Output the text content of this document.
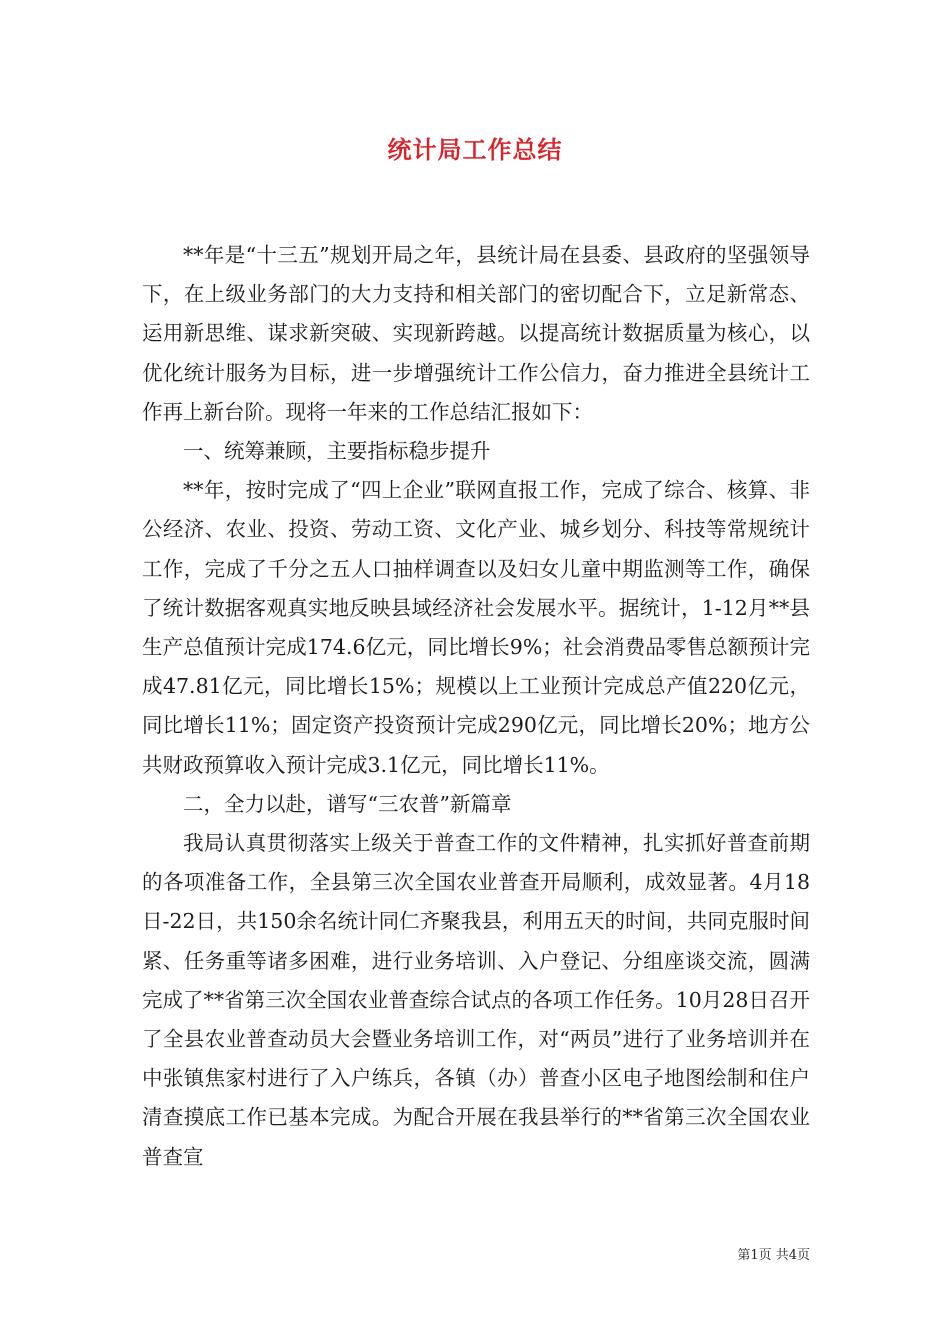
统计局工作总结

**年是“十三五”规划开局之年，县统计局在县委、县政府的坚强领导下，在上级业务部门的大力支持和相关部门的密切配合下，立足新常态、运用新思维、谋求新突破、实现新跨越。以提高统计数据质量为核心，以优化统计服务为目标，进一步增强统计工作公信力，奋力推进全县统计工作再上新台阶。现将一年来的工作总结汇报如下：

一、统筹兼顾，主要指标稳步提升

**年，按时完成了“四上企业”联网直报工作，完成了综合、核算、非公经济、农业、投资、劳动工资、文化产业、城乡划分、科技等常规统计工作，完成了千分之五人口抽样调查以及妇女儿童中期监测等工作，确保了统计数据客观真实地反映县域经济社会发展水平。据统计，1-12月**县生产总值预计完成174.6亿元，同比增长9%；社会消费品零售总额预计完成47.81亿元，同比增长15%；规模以上工业预计完成总产值220亿元，同比增长11%；固定资产投资预计完成290亿元，同比增长20%；地方公共财政预算收入预计完成3.1亿元，同比增长11%。

二，全力以赴，谱写“三农普”新篇章

我局认真贯彻落实上级关于普查工作的文件精神，扎实抓好普查前期的各项准备工作，全县第三次全国农业普查开局顺利，成效显著。4月18日-22日，共150余名统计同仁齐聚我县，利用五天的时间，共同克服时间紧、任务重等诸多困难，进行业务培训、入户登记、分组座谈交流，圆满完成了**省第三次全国农业普查综合试点的各项工作任务。10月28日召开了全县农业普查动员大会暨业务培训工作，对“两员”进行了业务培训并在中张镇焦家村进行了入户练兵，各镇（办）普查小区电子地图绘制和住户清查摸底工作已基本完成。为配合开展在我县举行的**省第三次全国农业普查宣

第1页 共4页
